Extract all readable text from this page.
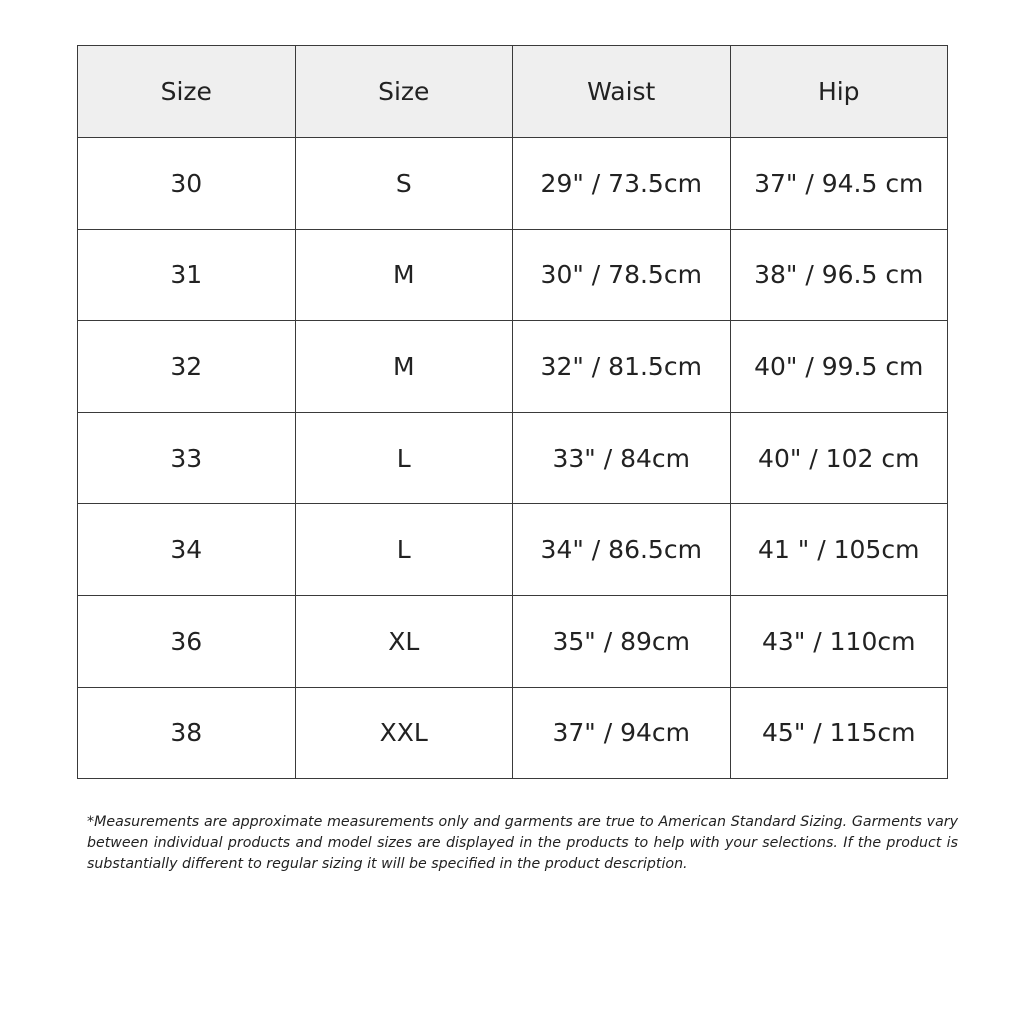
Size	Size	Waist	Hip
30	S	29" / 73.5cm	37" / 94.5 cm
31	M	30" / 78.5cm	38" / 96.5 cm
32	M	32" / 81.5cm	40" / 99.5 cm
33	L	33" / 84cm	40" / 102 cm
34	L	34" / 86.5cm	41 " / 105cm
36	XL	35" / 89cm	43" / 110cm
38	XXL	37" / 94cm	45" / 115cm

*Measurements are approximate measurements only and garments are true to American Standard Sizing. Garments vary between individual products and model sizes are displayed in the products to help with your selections. If the product is substantially different to regular sizing it will be specified in the product description.
